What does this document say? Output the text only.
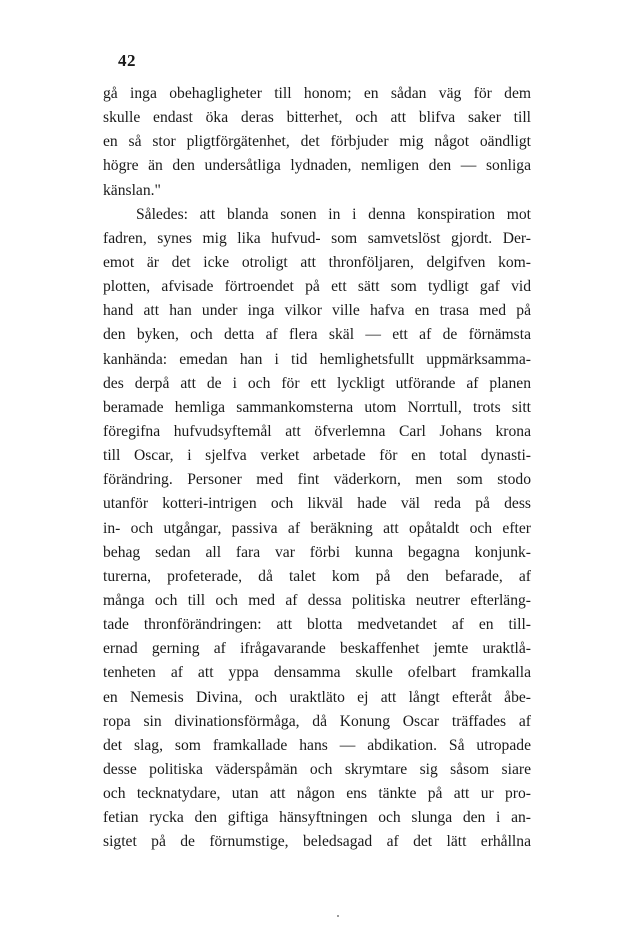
42
gå inga obehagligheter till honom; en sådan väg för dem
skulle endast öka deras bitterhet, och att blifva saker till
en så stor pligtförgätenhet, det förbjuder mig något oändligt
högre än den undersåtliga lydnaden, nemligen den — sonliga
känslan."
Således: att blanda sonen in i denna konspiration mot
fadren, synes mig lika hufvud- som samvetslöst gjordt. Der-
emot är det icke otroligt att thronföljaren, delgifven kom-
plotten, afvisade förtroendet på ett sätt som tydligt gaf vid
hand att han under inga vilkor ville hafva en trasa med på
den byken, och detta af flera skäl — ett af de förnämsta
kanhända: emedan han i tid hemlighetsfullt uppmärksamma-
des derpå att de i och för ett lyckligt utförande af planen
beramade hemliga sammankomsterna utom Norrtull, trots sitt
föregifna hufvudsyftemål att öfverlemna Carl Johans krona
till Oscar, i sjelfva verket arbetade för en total dynasti-
förändring. Personer med fint väderkorn, men som stodo
utanför kotteri-intrigen och likväl hade väl reda på dess
in- och utgångar, passiva af beräkning att opåtaldt och efter
behag sedan all fara var förbi kunna begagna konjunk-
turerna, profeterade, då talet kom på den befarade, af
många och till och med af dessa politiska neutrer efterläng-
tade thronförändringen: att blotta medvetandet af en till-
ernad gerning af ifrågavarande beskaffenhet jemte uraktlå-
tenheten af att yppa densamma skulle ofelbart framkalla
en Nemesis Divina, och uraktläto ej att långt efteråt åbe-
ropa sin divinationsförmåga, då Konung Oscar träffades af
det slag, som framkallade hans — abdikation. Så utropade
desse politiska väderspåmän och skrymtare sig såsom siare
och tecknatydare, utan att någon ens tänkte på att ur pro-
fetian rycka den giftiga hänsyftningen och slunga den i an-
sigtet på de förnumstige, beledsagad af det lätt erhållna
